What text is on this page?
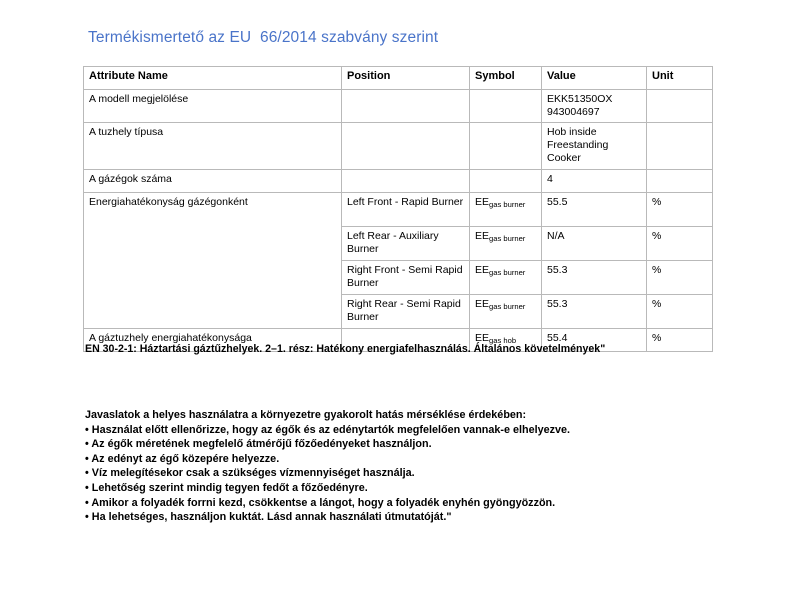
Termékismertető az EU  66/2014 szabvány szerint
Attribute Name	Position	Symbol	Value	Unit
A modell megjelölése			EKK51350OX
943004697	
A tuzhely típusa			Hob inside
Freestanding
Cooker	
A gázégok száma			4	
Energiahatékonyság gázégonként	Left Front - Rapid Burner	$EE_{gas burner}$	55.5	%
	Left Rear - Auxiliary Burner	$EE_{gas burner}$	N/A	%
	Right Front - Semi Rapid Burner	$EE_{gas burner}$	55.3	%
	Right Rear - Semi Rapid Burner	$EE_{gas burner}$	55.3	%
A gáztuzhely energiahatékonysága		$EE_{gas hob}$	55.4	%
EN 30-2-1: Háztartási gáztűzhelyek. 2–1. rész: Hatékony energiafelhasználás. Általános követelmények"
Javaslatok a helyes használatra a környezetre gyakorolt hatás mérséklése érdekében:
• Használat előtt ellenőrizze, hogy az égők és az edénytartók megfelelően vannak-e elhelyezve.
• Az égők méretének megfelelő átmérőjű főzőedényeket használjon.
• Az edényt az égő közepére helyezze.
• Víz melegítésekor csak a szükséges vízmennyiséget használja.
• Lehetőség szerint mindig tegyen fedőt a főzőedényre.
• Amikor a folyadék forrni kezd, csökkentse a lángot, hogy a folyadék enyhén gyöngyözzön.
• Ha lehetséges, használjon kuktát. Lásd annak használati útmutatóját."
